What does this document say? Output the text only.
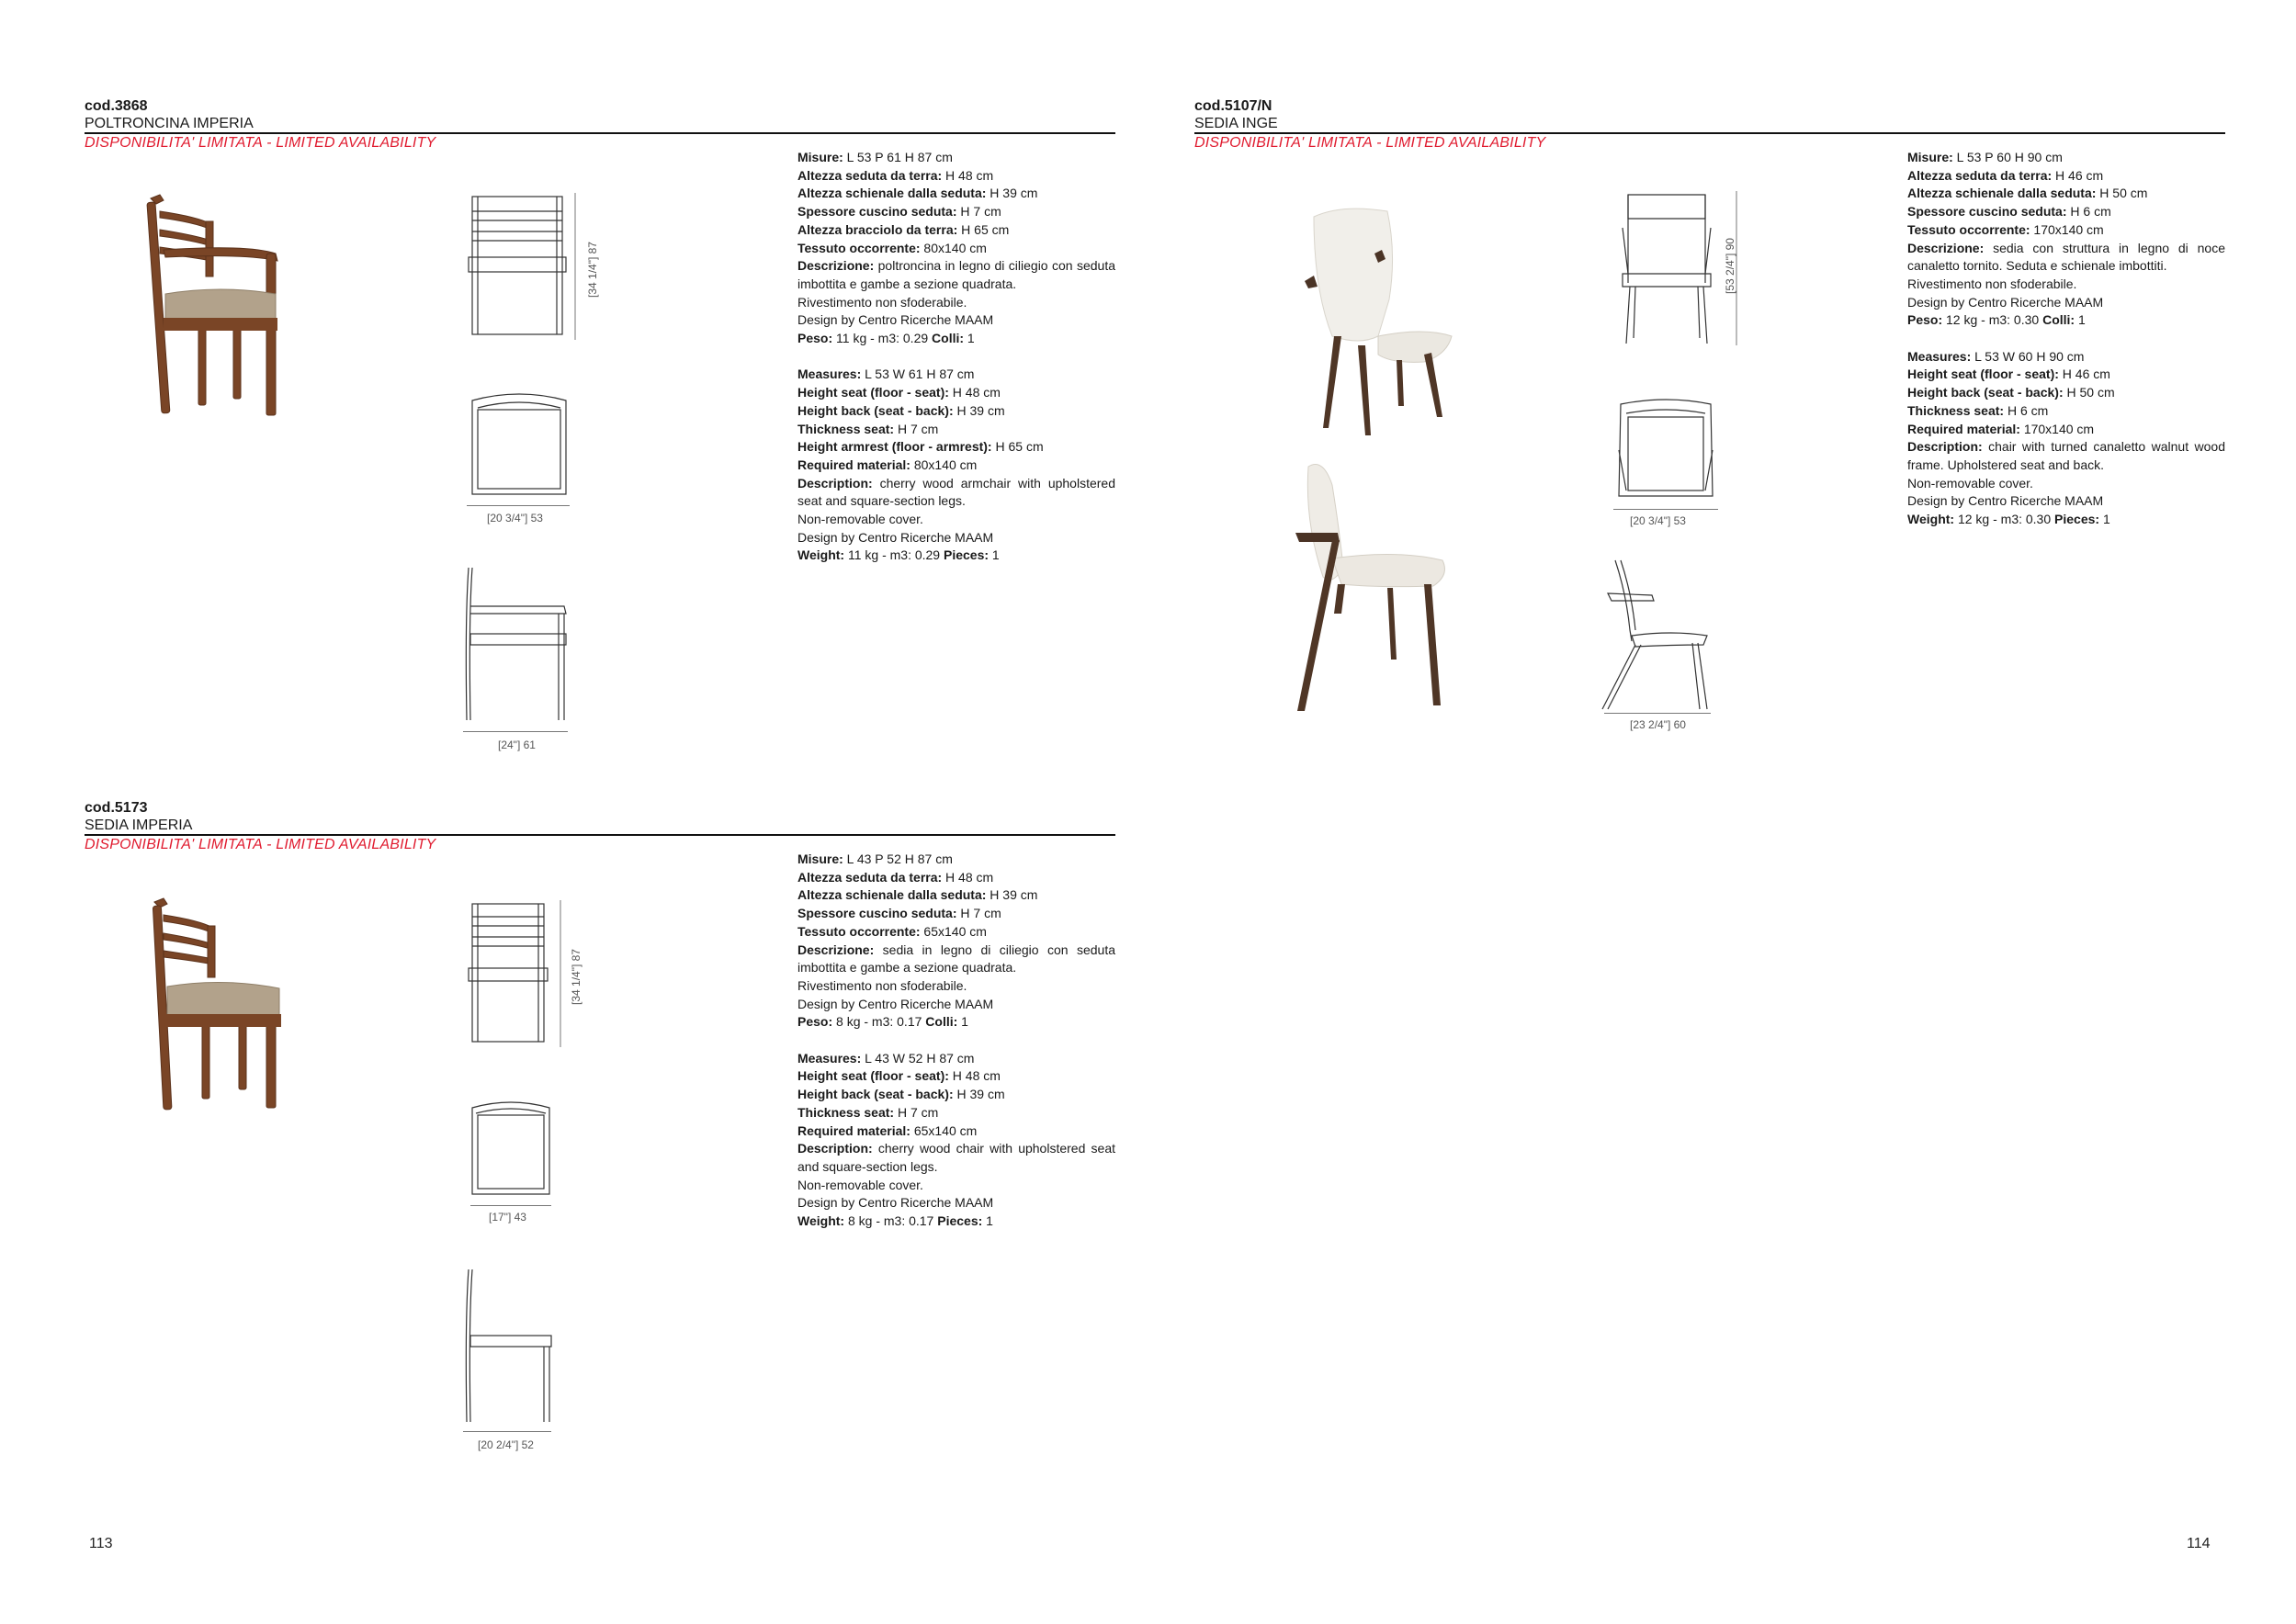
cod.3868
POLTRONCINA IMPERIA
DISPONIBILITA' LIMITATA - LIMITED AVAILABILITY
[34 1/4"] 87
[20 3/4"] 53
[24"] 61
Misure: L 53 P 61 H 87 cm
Altezza seduta da terra: H 48 cm
Altezza schienale dalla seduta: H 39 cm
Spessore cuscino seduta: H 7 cm
Altezza bracciolo da terra: H 65 cm
Tessuto occorrente: 80x140 cm
Descrizione: poltroncina in legno di ciliegio con seduta imbottita e gambe a sezione quadrata.
Rivestimento non sfoderabile.
Design by Centro Ricerche MAAM
Peso: 11 kg - m3: 0.29 Colli: 1
Measures: L 53 W 61 H 87 cm
Height seat (floor - seat): H 48 cm
Height back (seat - back): H 39 cm
Thickness seat: H 7 cm
Height armrest (floor - armrest): H 65 cm
Required material: 80x140 cm
Description: cherry wood armchair with upholstered seat and square-section legs.
Non-removable cover.
Design by Centro Ricerche MAAM
Weight: 11 kg - m3: 0.29 Pieces: 1
cod.5107/N
SEDIA INGE
DISPONIBILITA' LIMITATA - LIMITED AVAILABILITY
[53 2/4"] 90
[20 3/4"] 53
[23 2/4"] 60
Misure: L 53 P 60 H 90 cm
Altezza seduta da terra: H 46 cm
Altezza schienale dalla seduta: H 50 cm
Spessore cuscino seduta: H 6 cm
Tessuto occorrente: 170x140 cm
Descrizione: sedia con struttura in legno di noce canaletto tornito. Seduta e schienale imbottiti.
Rivestimento non sfoderabile.
Design by Centro Ricerche MAAM
Peso: 12 kg - m3: 0.30 Colli: 1
Measures: L 53 W 60 H 90 cm
Height seat (floor - seat): H 46 cm
Height back (seat - back): H 50 cm
Thickness seat: H 6 cm
Required material: 170x140 cm
Description: chair with turned canaletto walnut wood frame. Upholstered seat and back.
Non-removable cover.
Design by Centro Ricerche MAAM
Weight: 12 kg - m3: 0.30 Pieces: 1
cod.5173
SEDIA IMPERIA
DISPONIBILITA' LIMITATA - LIMITED AVAILABILITY
[34 1/4"] 87
[17"] 43
[20 2/4"] 52
Misure: L 43 P 52 H 87 cm
Altezza seduta da terra: H 48 cm
Altezza schienale dalla seduta: H 39 cm
Spessore cuscino seduta: H 7 cm
Tessuto occorrente: 65x140 cm
Descrizione: sedia in legno di ciliegio con seduta imbottita e gambe a sezione quadrata.
Rivestimento non sfoderabile.
Design by Centro Ricerche MAAM
Peso: 8 kg - m3: 0.17 Colli: 1
Measures: L 43 W 52 H 87 cm
Height seat (floor - seat): H 48 cm
Height back (seat - back): H 39 cm
Thickness seat: H 7 cm
Required material: 65x140 cm
Description: cherry wood chair with upholstered seat and square-section legs.
Non-removable cover.
Design by Centro Ricerche MAAM
Weight: 8 kg - m3: 0.17 Pieces: 1
113	114
